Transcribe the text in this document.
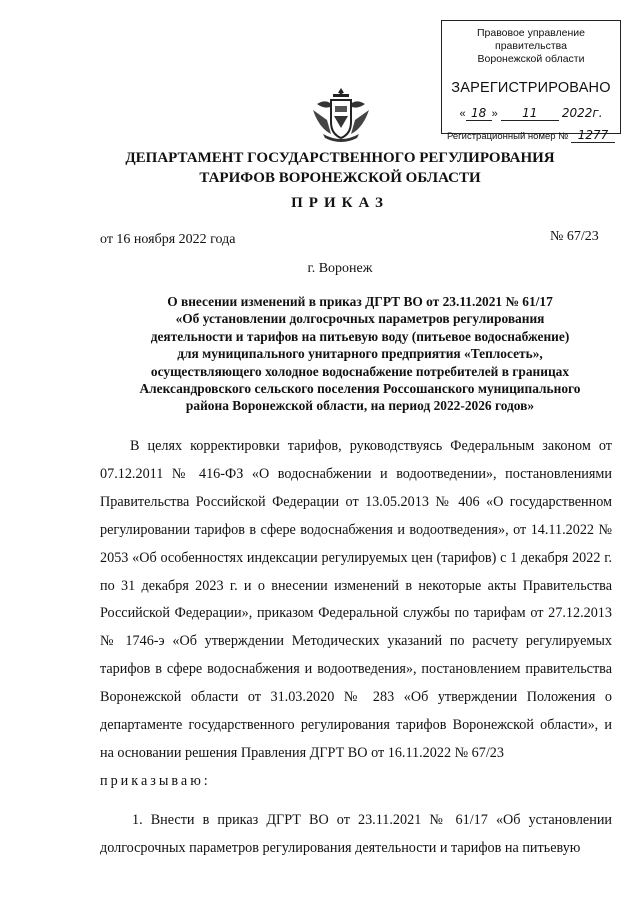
Правовое управление правительства
Воронежской области
ЗАРЕГИСТРИРОВАНО
« 18 » 11 2022г.
Регистрационный номер № 1277
ДЕПАРТАМЕНТ ГОСУДАРСТВЕННОГО РЕГУЛИРОВАНИЯ
ТАРИФОВ ВОРОНЕЖСКОЙ ОБЛАСТИ
ПРИКАЗ
от 16 ноября 2022 года	№ 67/23
г. Воронеж
О внесении изменений в приказ ДГРТ ВО от 23.11.2021 № 61/17
«Об установлении долгосрочных параметров регулирования
деятельности и тарифов на питьевую воду (питьевое водоснабжение)
для муниципального унитарного предприятия «Теплосеть»,
осуществляющего холодное водоснабжение потребителей в границах
Александровского сельского поселения Россошанского муниципального
района Воронежской области, на период 2022-2026 годов»

В целях корректировки тарифов, руководствуясь Федеральным законом от 07.12.2011 № 416-ФЗ «О водоснабжении и водоотведении», постановлениями Правительства Российской Федерации от 13.05.2013 № 406 «О государственном регулировании тарифов в сфере водоснабжения и водоотведения», от 14.11.2022 № 2053 «Об особенностях индексации регулируемых цен (тарифов) с 1 декабря 2022 г. по 31 декабря 2023 г. и о внесении изменений в некоторые акты Правительства Российской Федерации», приказом Федеральной службы по тарифам от 27.12.2013 № 1746-э «Об утверждении Методических указаний по расчету регулируемых тарифов в сфере водоснабжения и водоотведения», постановлением правительства Воронежской области от 31.03.2020 № 283 «Об утверждении Положения о департаменте государственного регулирования тарифов Воронежской области», и на основании решения Правления ДГРТ ВО от 16.11.2022 № 67/23

приказываю:

1. Внести в приказ ДГРТ ВО от 23.11.2021 № 61/17 «Об установлении долгосрочных параметров регулирования деятельности и тарифов на питьевую
